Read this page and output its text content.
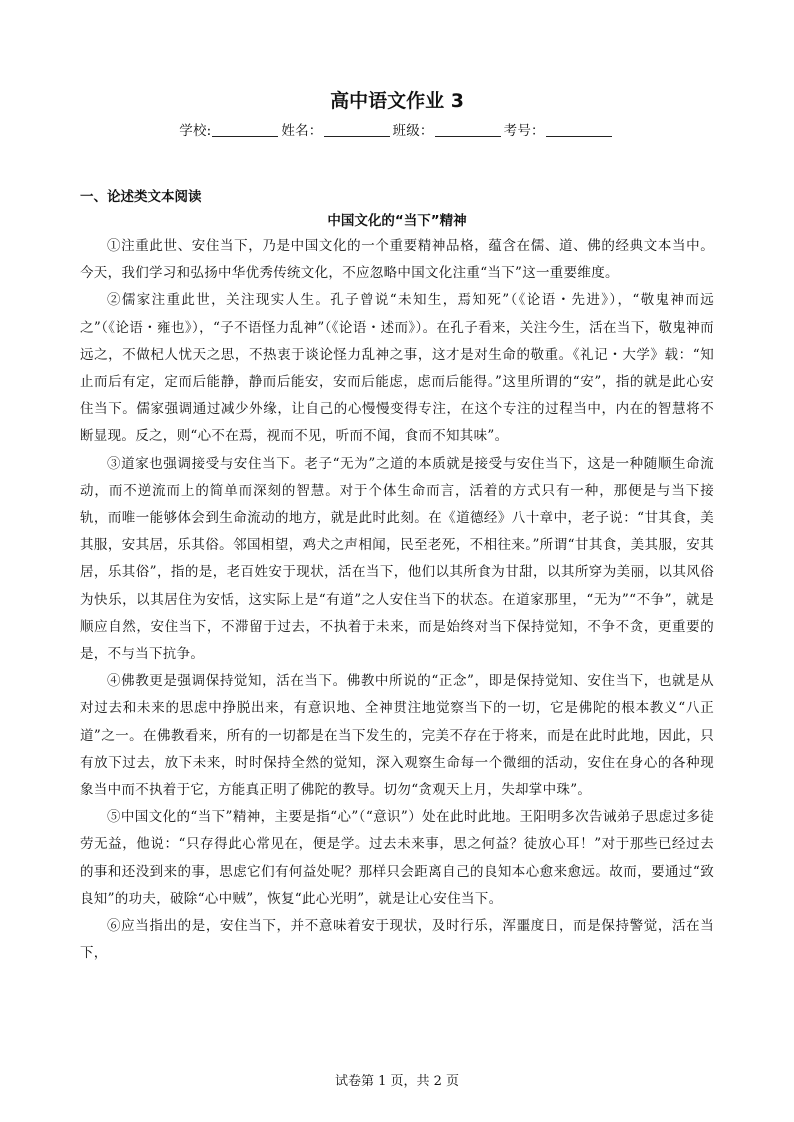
高中语文作业 3
学校:	姓名：	班级：	考号：
一、论述类文本阅读
中国文化的“当下”精神

①注重此世、安住当下，乃是中国文化的一个重要精神品格，蕴含在儒、道、佛的经典文本当中。今天，我们学习和弘扬中华优秀传统文化，不应忽略中国文化注重“当下”这一重要维度。

②儒家注重此世，关注现实人生。孔子曾说“未知生，焉知死”（《论语・先进》），“敬鬼神而远之”（《论语・雍也》），“子不语怪力乱神”（《论语・述而》）。在孔子看来，关注今生，活在当下，敬鬼神而远之，不做杞人忧天之思，不热衷于谈论怪力乱神之事，这才是对生命的敬重。《礼记・大学》载：“知止而后有定，定而后能静，静而后能安，安而后能虑，虑而后能得。”这里所谓的“安”，指的就是此心安住当下。儒家强调通过减少外缘，让自己的心慢慢变得专注，在这个专注的过程当中，内在的智慧将不断显现。反之，则“心不在焉，视而不见，听而不闻，食而不知其味”。

③道家也强调接受与安住当下。老子“无为”之道的本质就是接受与安住当下，这是一种随顺生命流动，而不逆流而上的简单而深刻的智慧。对于个体生命而言，活着的方式只有一种，那便是与当下接轨，而唯一能够体会到生命流动的地方，就是此时此刻。在《道德经》八十章中，老子说：“甘其食，美其服，安其居，乐其俗。邻国相望，鸡犬之声相闻，民至老死，不相往来。”所谓“甘其食，美其服，安其居，乐其俗”，指的是，老百姓安于现状，活在当下，他们以其所食为甘甜，以其所穿为美丽，以其风俗为快乐，以其居住为安恬，这实际上是“有道”之人安住当下的状态。在道家那里，“无为”“不争”，就是顺应自然，安住当下，不滞留于过去，不执着于未来，而是始终对当下保持觉知，不争不贪，更重要的是，不与当下抗争。

④佛教更是强调保持觉知，活在当下。佛教中所说的“正念”，即是保持觉知、安住当下，也就是从对过去和未来的思虑中挣脱出来，有意识地、全神贯注地觉察当下的一切，它是佛陀的根本教义“八正道”之一。在佛教看来，所有的一切都是在当下发生的，完美不存在于将来，而是在此时此地，因此，只有放下过去，放下未来，时时保持全然的觉知，深入观察生命每一个微细的活动，安住在身心的各种现象当中而不执着于它，方能真正明了佛陀的教导。切勿“贪观天上月，失却掌中珠”。

⑤中国文化的“当下”精神，主要是指“心”（“意识”）处在此时此地。王阳明多次告诫弟子思虑过多徒劳无益，他说：“只存得此心常见在，便是学。过去未来事，思之何益？徒放心耳！”对于那些已经过去的事和还没到来的事，思虑它们有何益处呢？那样只会距离自己的良知本心愈来愈远。故而，要通过“致良知”的功夫，破除“心中贼”，恢复“此心光明”，就是让心安住当下。

⑥应当指出的是，安住当下，并不意味着安于现状，及时行乐，浑噩度日，而是保持警觉，活在当下，

试卷第 1 页，共 2 页
